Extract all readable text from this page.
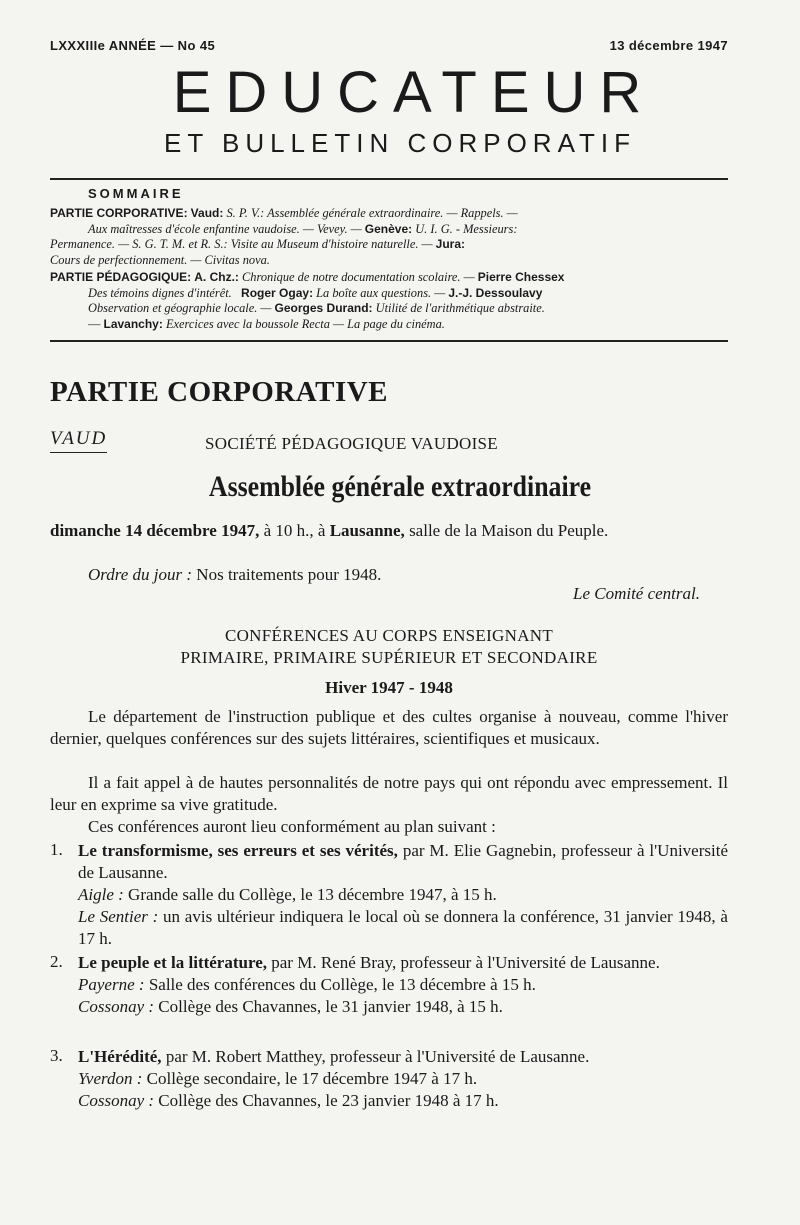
LXXXIIIe ANNÉE — No 45	13 décembre 1947
EDUCATEUR
ET BULLETIN CORPORATIF
SOMMAIRE
PARTIE CORPORATIVE: Vaud: S. P. V.: Assemblée générale extraordinaire. — Rappels. —
Aux maîtresses d'école enfantine vaudoise. — Vevey. — Genève: U. I. G. - Messieurs:
Permanence. — S. G. T. M. et R. S.: Visite au Museum d'histoire naturelle. — Jura:
Cours de perfectionnement. — Civitas nova.
PARTIE PÉDAGOGIQUE: A. Chz.: Chronique de notre documentation scolaire. — Pierre Chessex
Des témoins dignes d'intérêt. Roger Ogay: La boîte aux questions. — J.-J. Dessoulavy
Observation et géographie locale. — Georges Durand: Utilité de l'arithmétique abstraite.
— Lavanchy: Exercices avec la boussole Recta — La page du cinéma.
PARTIE CORPORATIVE
VAUD	SOCIÉTÉ PÉDAGOGIQUE VAUDOISE
Assemblée générale extraordinaire
dimanche 14 décembre 1947, à 10 h., à Lausanne, salle de la Maison du Peuple.
Ordre du jour : Nos traitements pour 1948.
Le Comité central.
CONFÉRENCES AU CORPS ENSEIGNANT
PRIMAIRE, PRIMAIRE SUPÉRIEUR ET SECONDAIRE
Hiver 1947 - 1948
Le département de l'instruction publique et des cultes organise à nouveau, comme l'hiver dernier, quelques conférences sur des sujets littéraires, scientifiques et musicaux.
Il a fait appel à de hautes personnalités de notre pays qui ont répondu avec empressement. Il leur en exprime sa vive gratitude.
Ces conférences auront lieu conformément au plan suivant :
1. Le transformisme, ses erreurs et ses vérités, par M. Elie Gagnebin, professeur à l'Université de Lausanne.
Aigle : Grande salle du Collège, le 13 décembre 1947, à 15 h.
Le Sentier : un avis ultérieur indiquera le local où se donnera la conférence, 31 janvier 1948, à 17 h.
2. Le peuple et la littérature, par M. René Bray, professeur à l'Université de Lausanne.
Payerne : Salle des conférences du Collège, le 13 décembre à 15 h.
Cossonay : Collège des Chavannes, le 31 janvier 1948, à 15 h.
3. L'Hérédité, par M. Robert Matthey, professeur à l'Université de Lausanne.
Yverdon : Collège secondaire, le 17 décembre 1947 à 17 h.
Cossonay : Collège des Chavannes, le 23 janvier 1948 à 17 h.
